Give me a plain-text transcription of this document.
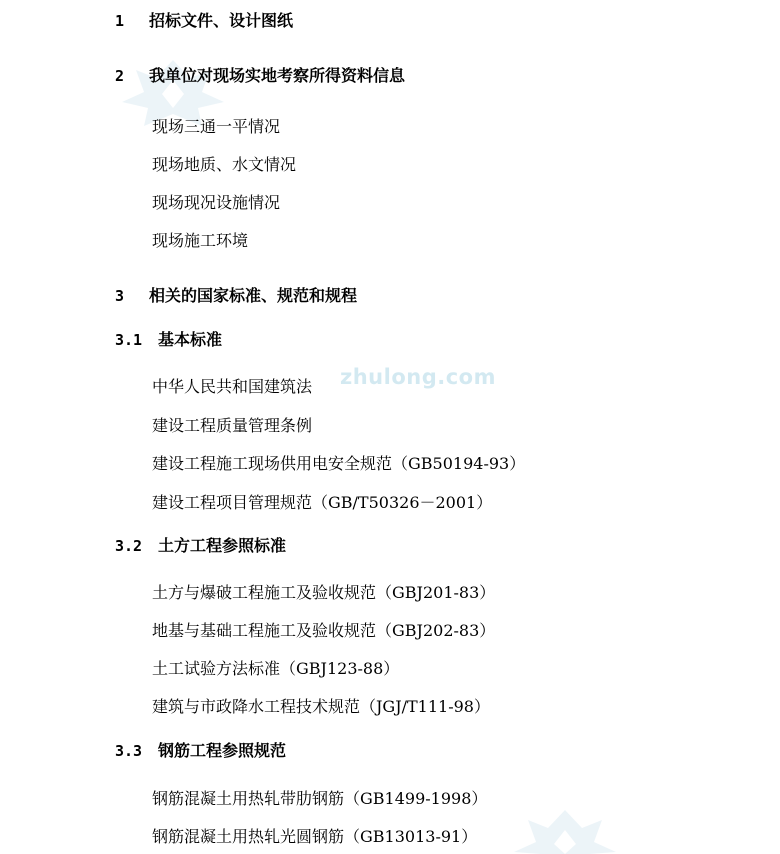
zhulong.com
1 招标文件、设计图纸
2 我单位对现场实地考察所得资料信息
现场三通一平情况
现场地质、水文情况
现场现况设施情况
现场施工环境
3 相关的国家标准、规范和规程
3.1 基本标准
中华人民共和国建筑法
建设工程质量管理条例
建设工程施工现场供用电安全规范（GB50194-93）
建设工程项目管理规范（GB/T50326－2001）
3.2 土方工程参照标准
土方与爆破工程施工及验收规范（GBJ201-83）
地基与基础工程施工及验收规范（GBJ202-83）
土工试验方法标准（GBJ123-88）
建筑与市政降水工程技术规范（JGJ/T111-98）
3.3 钢筋工程参照规范
钢筋混凝土用热轧带肋钢筋（GB1499-1998）
钢筋混凝土用热轧光圆钢筋（GB13013-91）
